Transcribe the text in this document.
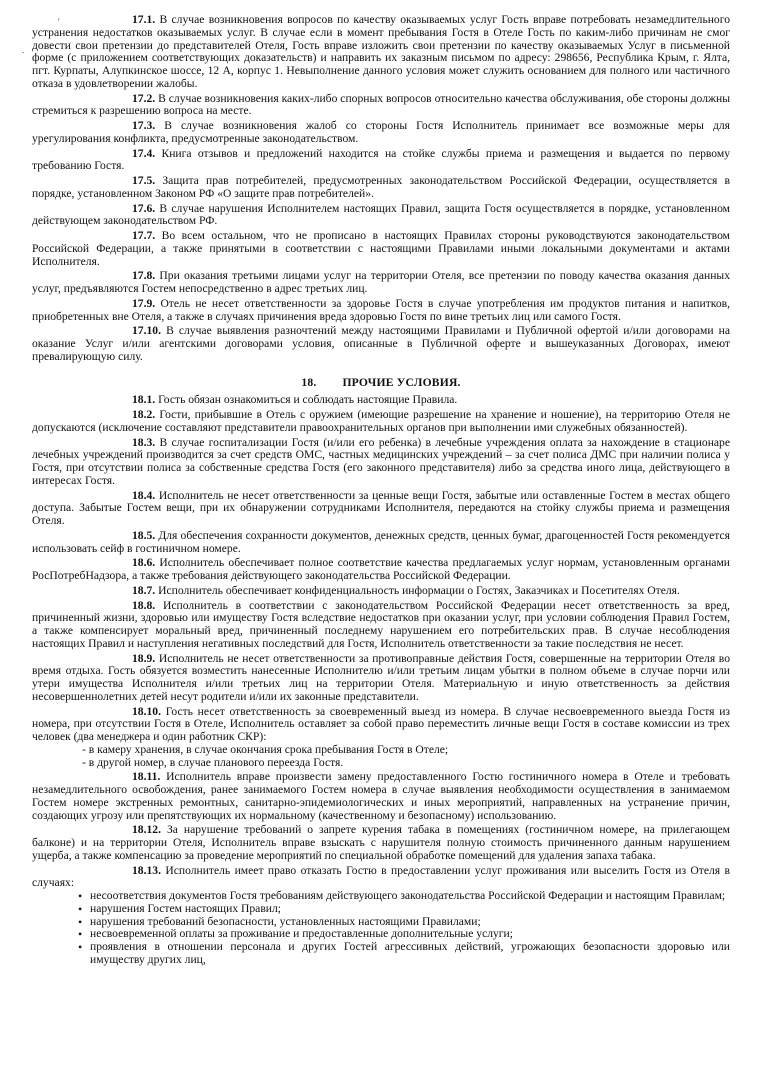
'
.

17.1. В случае возникновения вопросов по качеству оказываемых услуг Гость вправе потребовать незамедлительного устранения недостатков оказываемых услуг. В случае если в момент пребывания Гостя в Отеле Гость по каким-либо причинам не смог довести свои претензии до представителей Отеля, Гость вправе изложить свои претензии по качеству оказываемых Услуг в письменной форме (с приложением соответствующих доказательств) и направить их заказным письмом по адресу: 298656, Республика Крым, г. Ялта, пгт. Курпаты, Алупкинское шоссе, 12 А, корпус 1. Невыполнение данного условия может служить основанием для полного или частичного отказа в удовлетворении жалобы.

17.2. В случае возникновения каких-либо спорных вопросов относительно качества обслуживания, обе стороны должны стремиться к разрешению вопроса на месте.

17.3. В случае возникновения жалоб со стороны Гостя Исполнитель принимает все возможные меры для урегулирования конфликта, предусмотренные законодательством.

17.4. Книга отзывов и предложений находится на стойке службы приема и размещения и выдается по первому требованию Гостя.

17.5. Защита прав потребителей, предусмотренных законодательством Российской Федерации, осуществляется в порядке, установленном Законом РФ «О защите прав потребителей».

17.6. В случае нарушения Исполнителем настоящих Правил, защита Гостя осуществляется в порядке, установленном действующем законодательством РФ.

17.7. Во всем остальном, что не прописано в настоящих Правилах стороны руководствуются законодательством Российской Федерации, а также принятыми в соответствии с настоящими Правилами иными локальными документами и актами Исполнителя.

17.8. При оказания третьими лицами услуг на территории Отеля, все претензии по поводу качества оказания данных услуг, предъявляются Гостем непосредственно в адрес третьих лиц.

17.9. Отель не несет ответственности за здоровье Гостя в случае употребления им продуктов питания и напитков, приобретенных вне Отеля, а также в случаях причинения вреда здоровью Гостя по вине третьих лиц или самого Гостя.

17.10. В случае выявления разночтений между настоящими Правилами и Публичной офертой и/или договорами на оказание Услуг и/или агентскими договорами условия, описанные в Публичной оферте и вышеуказанных Договорах, имеют превалирующую силу.

18. ПРОЧИЕ УСЛОВИЯ.

18.1. Гость обязан ознакомиться и соблюдать настоящие Правила.

18.2. Гости, прибывшие в Отель с оружием (имеющие разрешение на хранение и ношение), на территорию Отеля не допускаются (исключение составляют представители правоохранительных органов при выполнении ими служебных обязанностей).

18.3. В случае госпитализации Гостя (и/или его ребенка) в лечебные учреждения оплата за нахождение в стационаре лечебных учреждений производится за счет средств ОМС, частных медицинских учреждений – за счет полиса ДМС при наличии полиса у Гостя, при отсутствии полиса за собственные средства Гостя (его законного представителя) либо за средства иного лица, действующего в интересах Гостя.

18.4. Исполнитель не несет ответственности за ценные вещи Гостя, забытые или оставленные Гостем в местах общего доступа. Забытые Гостем вещи, при их обнаружении сотрудниками Исполнителя, передаются на стойку службы приема и размещения Отеля.

18.5. Для обеспечения сохранности документов, денежных средств, ценных бумаг, драгоценностей Гостя рекомендуется использовать сейф в гостиничном номере.

18.6. Исполнитель обеспечивает полное соответствие качества предлагаемых услуг нормам, установленным органами РосПотребНадзора, а также требования действующего законодательства Российской Федерации.

18.7. Исполнитель обеспечивает конфиденциальность информации о Гостях, Заказчиках и Посетителях Отеля.

18.8. Исполнитель в соответствии с законодательством Российской Федерации несет ответственность за вред, причиненный жизни, здоровью или имуществу Гостя вследствие недостатков при оказании услуг, при условии соблюдения Правил Гостем, а также компенсирует моральный вред, причиненный последнему нарушением его потребительских прав. В случае несоблюдения настоящих Правил и наступления негативных последствий для Гостя, Исполнитель ответственности за такие последствия не несет.

18.9. Исполнитель не несет ответственности за противоправные действия Гостя, совершенные на территории Отеля во время отдыха. Гость обязуется возместить нанесенные Исполнителю и/или третьим лицам убытки в полном объеме в случае порчи или утери имущества Исполнителя и/или третьих лиц на территории Отеля. Материальную и иную ответственность за действия несовершеннолетних детей несут родители и/или их законные представители.

18.10. Гость несет ответственность за своевременный выезд из номера. В случае несвоевременного выезда Гостя из номера, при отсутствии Гостя в Отеле, Исполнитель оставляет за собой право переместить личные вещи Гостя в составе комиссии из трех человек (два менеджера и один работник СКР):

- в камеру хранения, в случае окончания срока пребывания Гостя в Отеле;

- в другой номер, в случае планового переезда Гостя.

18.11. Исполнитель вправе произвести замену предоставленного Гостю гостиничного номера в Отеле и требовать незамедлительного освобождения, ранее занимаемого Гостем номера в случае выявления необходимости осуществления в занимаемом Гостем номере экстренных ремонтных, санитарно-эпидемиологических и иных мероприятий, направленных на устранение причин, создающих угрозу или препятствующих их нормальному (качественному и безопасному) использованию.

18.12. За нарушение требований о запрете курения табака в помещениях (гостиничном номере, на прилегающем балконе) и на территории Отеля, Исполнитель вправе взыскать с нарушителя полную стоимость причиненного данным нарушением ущерба, а также компенсацию за проведение мероприятий по специальной обработке помещений для удаления запаха табака.

18.13. Исполнитель имеет право отказать Гостю в предоставлении услуг проживания или выселить Гостя из Отеля в случаях:

• несоответствия документов Гостя требованиям действующего законодательства Российской Федерации и настоящим Правилам;

• нарушения Гостем настоящих Правил;

• нарушения требований безопасности, установленных настоящими Правилами;

• несвоевременной оплаты за проживание и предоставленные дополнительные услуги;

• проявления в отношении персонала и других Гостей агрессивных действий, угрожающих безопасности здоровью или имуществу других лиц,
